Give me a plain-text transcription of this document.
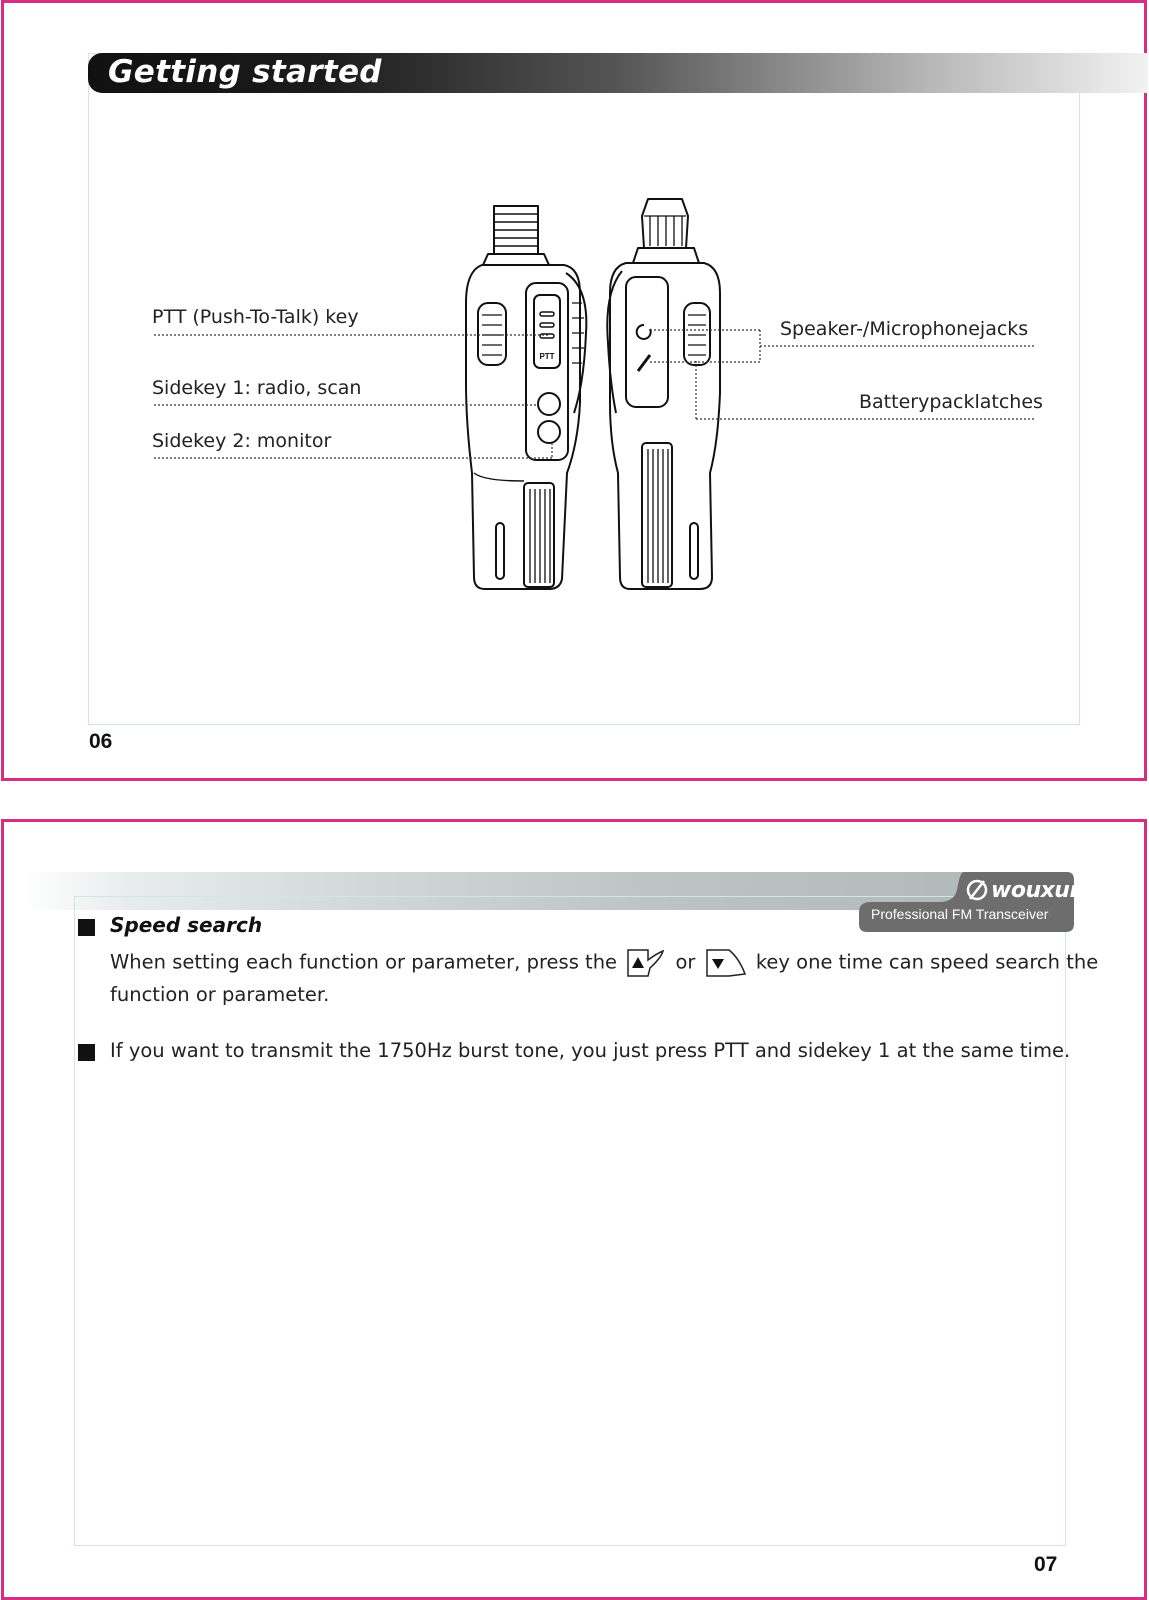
Getting started
PTT
PTT (Push-To-Talk) key
Sidekey 1: radio, scan
Sidekey 2: monitor
Speaker-/Microphonejacks
Batterypacklatches
06
wouxun
Professional FM Transceiver
Speed search
When setting each function or parameter, press the	or	key one time can speed search the
function or parameter.
If you want to transmit the 1750Hz burst tone, you just press PTT and sidekey 1 at the same time.
07
